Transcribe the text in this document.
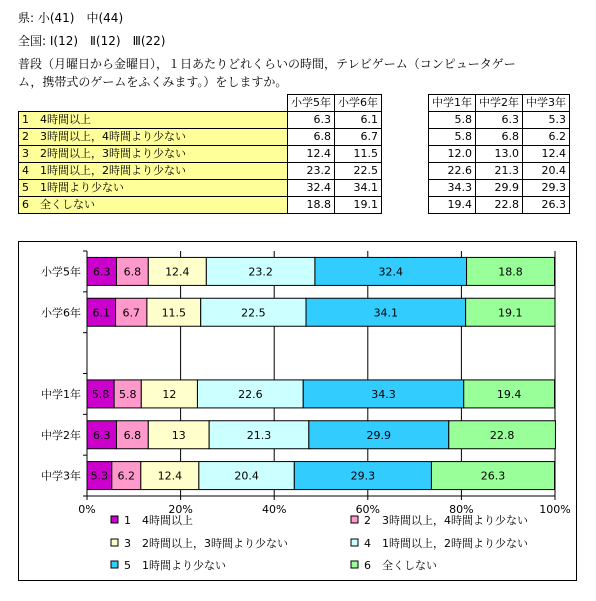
県: 小(41)　中(44)
全国: Ⅰ(12)　Ⅱ(12)　Ⅲ(22)
普段（月曜日から金曜日），１日あたりどれくらいの時間，テレビゲーム（コンピュータゲー
ム，携帯式のゲームをふくみます。）をしますか。
	小学5年	小学6年		中学1年	中学2年	中学3年
1　4時間以上	6.3	6.1		5.8	6.3	5.3
2　3時間以上，4時間より少ない	6.8	6.7		5.8	6.8	6.2
3　2時間以上，3時間より少ない	12.4	11.5		12.0	13.0	12.4
4　1時間以上，2時間より少ない	23.2	22.5		22.6	21.3	20.4
5　1時間より少ない	32.4	34.1		34.3	29.9	29.3
6　全くしない	18.8	19.1		19.4	22.8	26.3
小学5年 6.3 6.8 12.4	23.2	32.4	18.8
小学6年 6.1 6.7 11.5	22.5	34.1	19.1
中学1年 5.8 5.8 12	22.6	34.3	19.4
中学2年 6.3 6.8	13	21.3	29.9	22.8
中学3年 5.3 6.2 12.4	20.4	29.3	26.3
0%	20%	40%	60%	80%	100%
1　4時間以上	2　3時間以上，4時間より少ない
3　2時間以上，3時間より少ない	4　1時間以上，2時間より少ない
5　1時間より少ない	6　全くしない
